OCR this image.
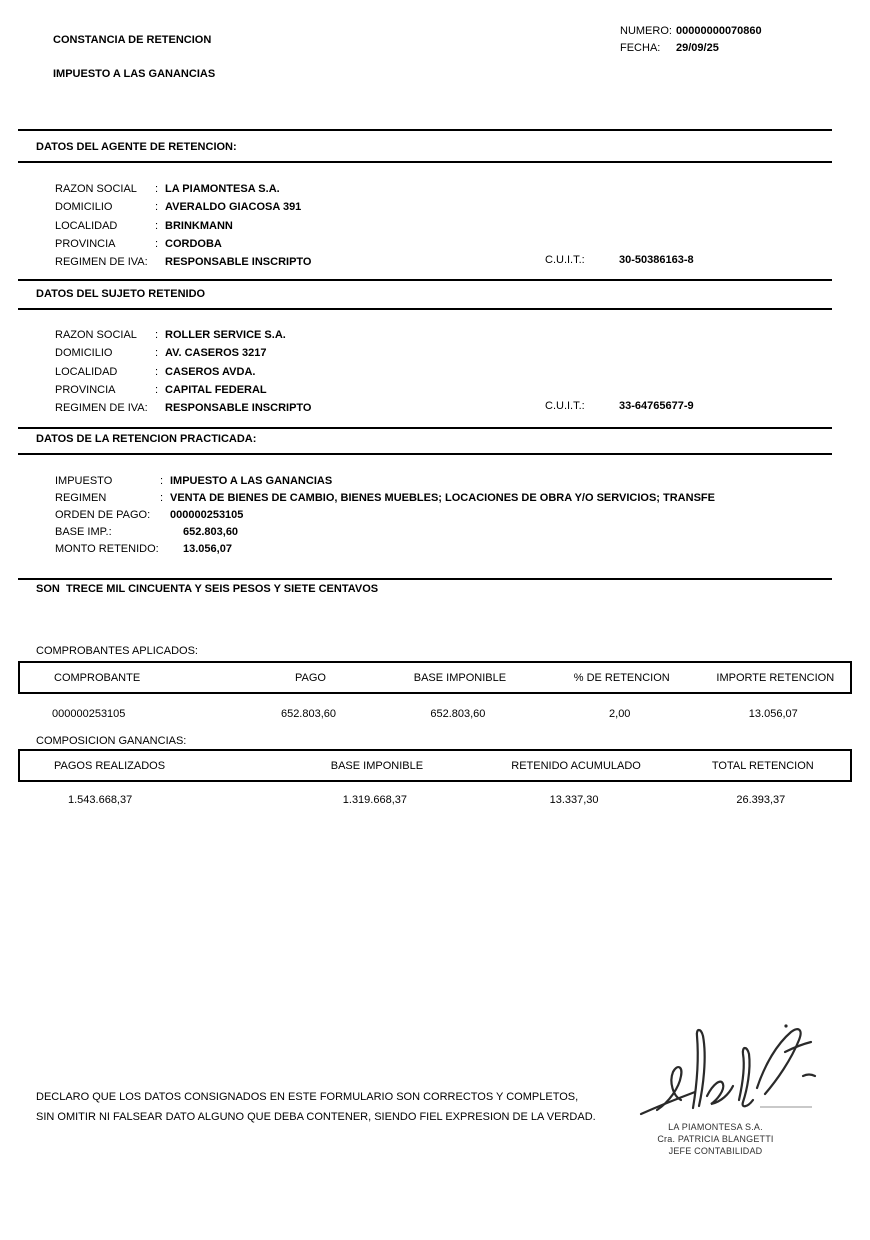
CONSTANCIA DE RETENCION
IMPUESTO A LAS GANANCIAS
NUMERO: 00000000070860
FECHA:	29/09/25
DATOS DEL AGENTE DE RETENCION:
RAZON SOCIAL	: LA PIAMONTESA S.A.
DOMICILIO	: AVERALDO GIACOSA 391
LOCALIDAD	: BRINKMANN
PROVINCIA	: CORDOBA
REGIMEN DE IVA:	RESPONSABLE INSCRIPTO	C.U.I.T.:	30-50386163-8
DATOS DEL SUJETO RETENIDO
RAZON SOCIAL	: ROLLER SERVICE S.A.
DOMICILIO	: AV. CASEROS 3217
LOCALIDAD	: CASEROS AVDA.
PROVINCIA	: CAPITAL FEDERAL
REGIMEN DE IVA:	RESPONSABLE INSCRIPTO	C.U.I.T.:	33-64765677-9
DATOS DE LA RETENCION PRACTICADA:
IMPUESTO	: IMPUESTO A LAS GANANCIAS
REGIMEN	: VENTA DE BIENES DE CAMBIO, BIENES MUEBLES; LOCACIONES DE OBRA Y/O SERVICIOS; TRANSFE
ORDEN DE PAGO:	000000253105
BASE IMP.:	652.803,60
MONTO RETENIDO:	13.056,07
SON  TRECE MIL CINCUENTA Y SEIS PESOS Y SIETE CENTAVOS
COMPROBANTES APLICADOS:
COMPROBANTE	PAGO	BASE IMPONIBLE	% DE RETENCION	IMPORTE RETENCION
000000253105	652.803,60	652.803,60	2,00	13.056,07
COMPOSICION GANANCIAS:
PAGOS REALIZADOS	BASE IMPONIBLE	RETENIDO ACUMULADO	TOTAL RETENCION
1.543.668,37	1.319.668,37	13.337,30	26.393,37
DECLARO QUE LOS DATOS CONSIGNADOS EN ESTE FORMULARIO SON CORRECTOS Y COMPLETOS,
SIN OMITIR NI FALSEAR DATO ALGUNO QUE DEBA CONTENER, SIENDO FIEL EXPRESION DE LA VERDAD.
LA PIAMONTESA S.A.
Cra. PATRICIA BLANGETTI
JEFE CONTABILIDAD
